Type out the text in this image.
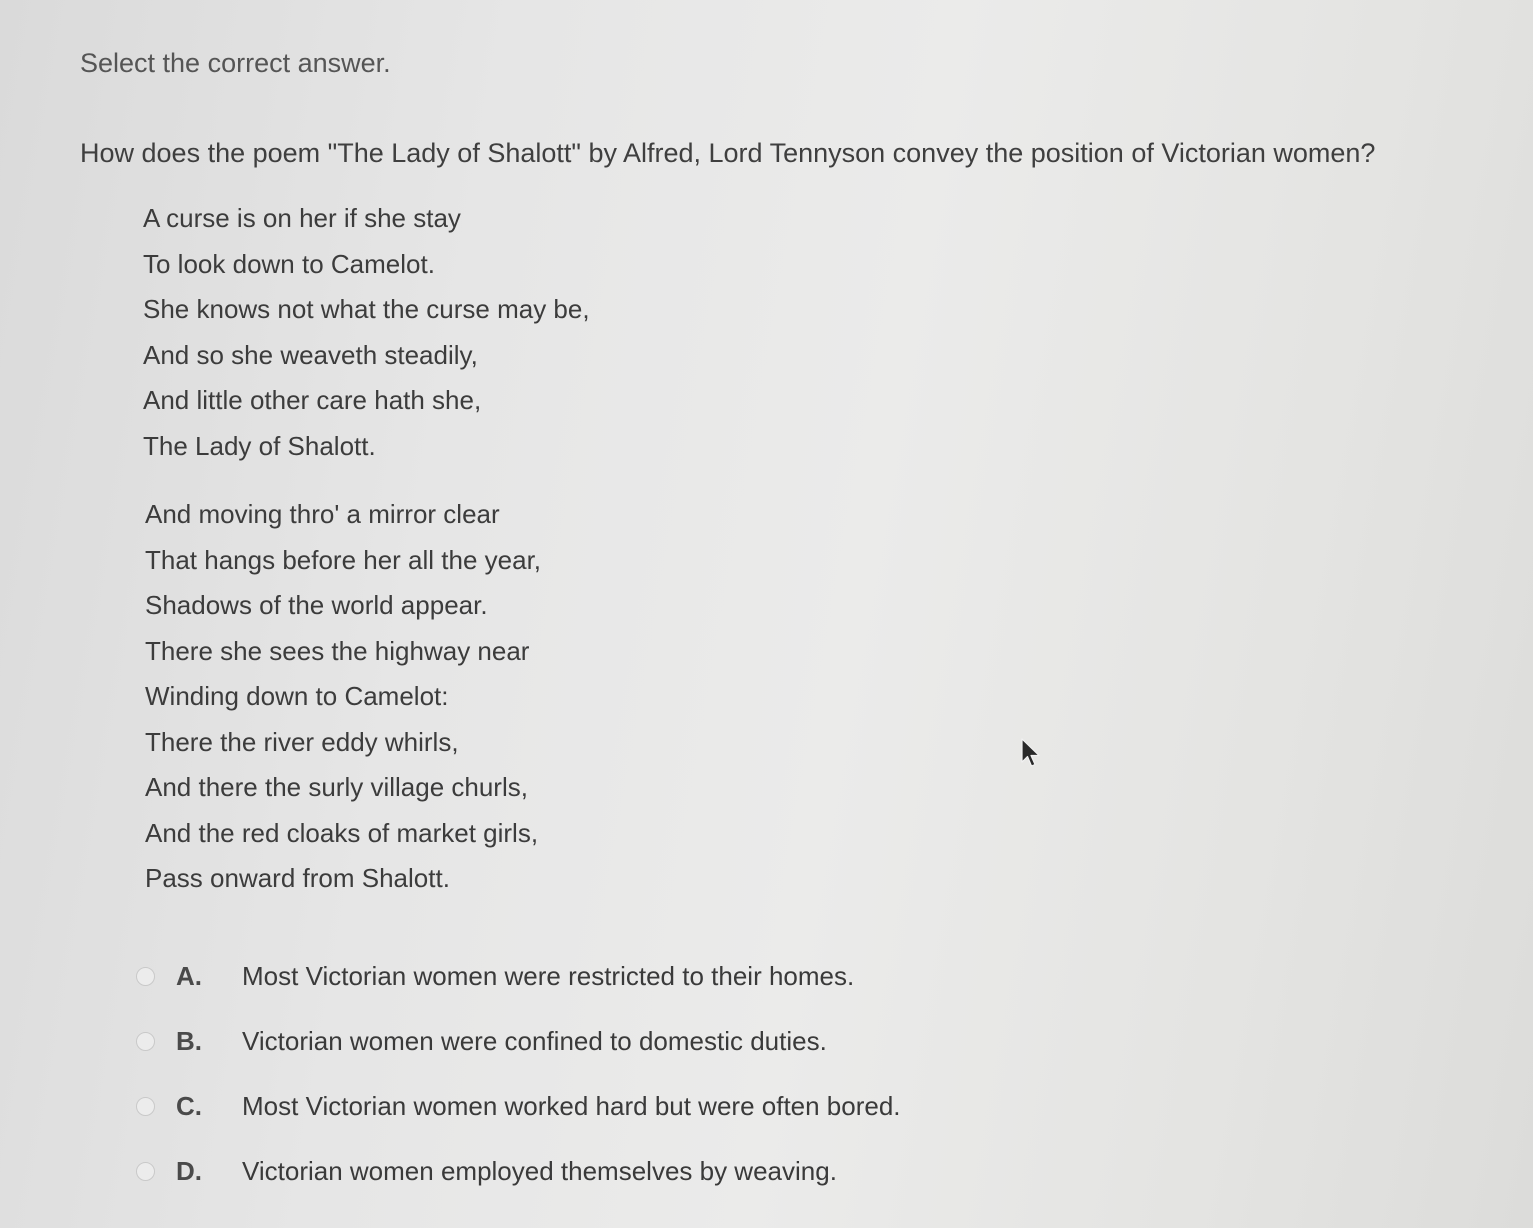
Select the correct answer.
How does the poem "The Lady of Shalott" by Alfred, Lord Tennyson convey the position of Victorian women?
A curse is on her if she stay
To look down to Camelot.
She knows not what the curse may be,
And so she weaveth steadily,
And little other care hath she,
The Lady of Shalott.
And moving thro' a mirror clear
That hangs before her all the year,
Shadows of the world appear.
There she sees the highway near
Winding down to Camelot:
There the river eddy whirls,
And there the surly village churls,
And the red cloaks of market girls,
Pass onward from Shalott.
A.	Most Victorian women were restricted to their homes.
B.	Victorian women were confined to domestic duties.
C.	Most Victorian women worked hard but were often bored.
D.	Victorian women employed themselves by weaving.
